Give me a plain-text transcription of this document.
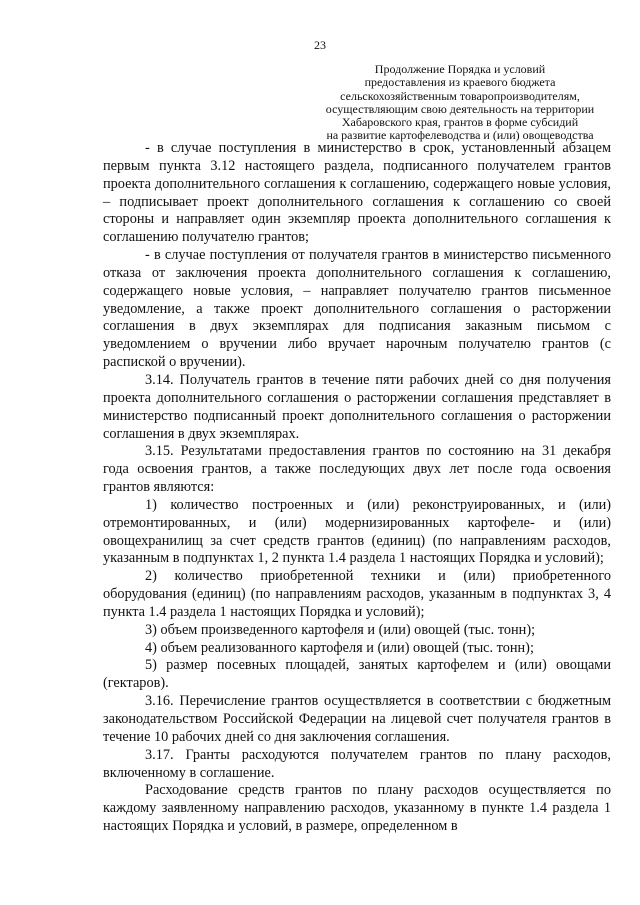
23
Продолжение Порядка и условий
предоставления из краевого бюджета
сельскохозяйственным товаропроизводителям,
осуществляющим свою деятельность на территории
Хабаровского края, грантов в форме субсидий
на развитие картофелеводства и (или) овощеводства

- в случае поступления в министерство в срок, установленный абзацем первым пункта 3.12 настоящего раздела, подписанного получателем грантов проекта дополнительного соглашения к соглашению, содержащего новые условия, – подписывает проект дополнительного соглашения к соглашению со своей стороны и направляет один экземпляр проекта дополнительного соглашения к соглашению получателю грантов;

- в случае поступления от получателя грантов в министерство письменного отказа от заключения проекта дополнительного соглашения к соглашению, содержащего новые условия, – направляет получателю грантов письменное уведомление, а также проект дополнительного соглашения о расторжении соглашения в двух экземплярах для подписания заказным письмом с уведомлением о вручении либо вручает нарочным получателю грантов (с распиской о вручении).

3.14. Получатель грантов в течение пяти рабочих дней со дня получения проекта дополнительного соглашения о расторжении соглашения представляет в министерство подписанный проект дополнительного соглашения о расторжении соглашения в двух экземплярах.

3.15. Результатами предоставления грантов по состоянию на 31 декабря года освоения грантов, а также последующих двух лет после года освоения грантов являются:

1) количество построенных и (или) реконструированных, и (или) отремонтированных, и (или) модернизированных картофеле- и (или) овощехранилищ за счет средств грантов (единиц) (по направлениям расходов, указанным в подпунктах 1, 2 пункта 1.4 раздела 1 настоящих Порядка и условий);

2) количество приобретенной техники и (или) приобретенного оборудования (единиц) (по направлениям расходов, указанным в подпунктах 3, 4 пункта 1.4 раздела 1 настоящих Порядка и условий);

3) объем произведенного картофеля и (или) овощей (тыс. тонн);

4) объем реализованного картофеля и (или) овощей (тыс. тонн);

5) размер посевных площадей, занятых картофелем и (или) овощами (гектаров).

3.16. Перечисление грантов осуществляется в соответствии с бюджетным законодательством Российской Федерации на лицевой счет получателя грантов в течение 10 рабочих дней со дня заключения соглашения.

3.17. Гранты расходуются получателем грантов по плану расходов, включенному в соглашение.

Расходование средств грантов по плану расходов осуществляется по каждому заявленному направлению расходов, указанному в пункте 1.4 раздела 1 настоящих Порядка и условий, в размере, определенном в
